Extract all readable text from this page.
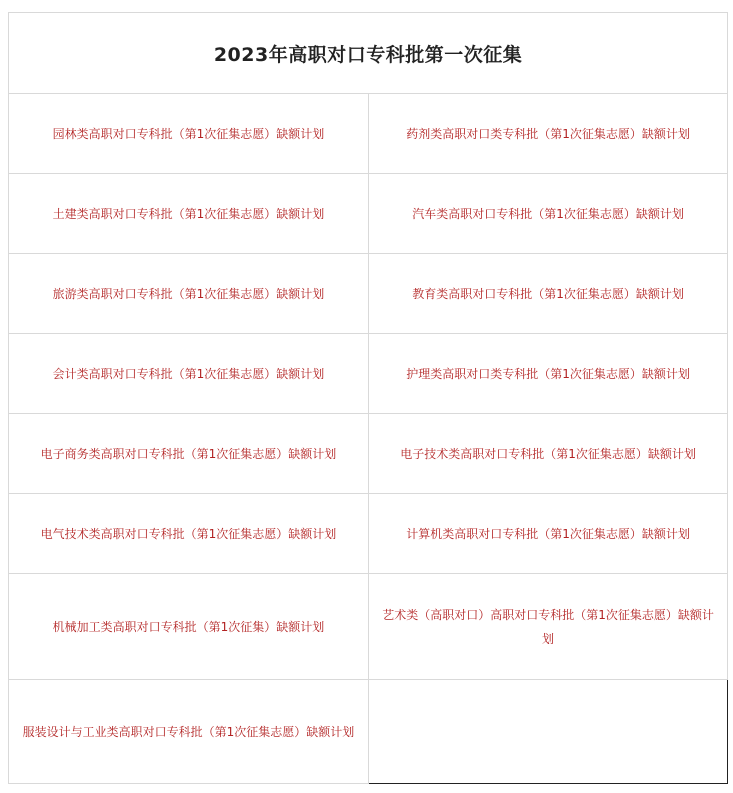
2023年高职对口专科批第一次征集	
园林类高职对口专科批（第1次征集志愿）缺额计划	药剂类高职对口类专科批（第1次征集志愿）缺额计划
土建类高职对口专科批（第1次征集志愿）缺额计划	汽车类高职对口专科批（第1次征集志愿）缺额计划
旅游类高职对口专科批（第1次征集志愿）缺额计划	教育类高职对口专科批（第1次征集志愿）缺额计划
会计类高职对口专科批（第1次征集志愿）缺额计划	护理类高职对口类专科批（第1次征集志愿）缺额计划
电子商务类高职对口专科批（第1次征集志愿）缺额计划	电子技术类高职对口专科批（第1次征集志愿）缺额计划
电气技术类高职对口专科批（第1次征集志愿）缺额计划	计算机类高职对口专科批（第1次征集志愿）缺额计划
机械加工类高职对口专科批（第1次征集）缺额计划	艺术类（高职对口）高职对口专科批（第1次征集志愿）缺额计划
服装设计与工业类高职对口专科批（第1次征集志愿）缺额计划	
